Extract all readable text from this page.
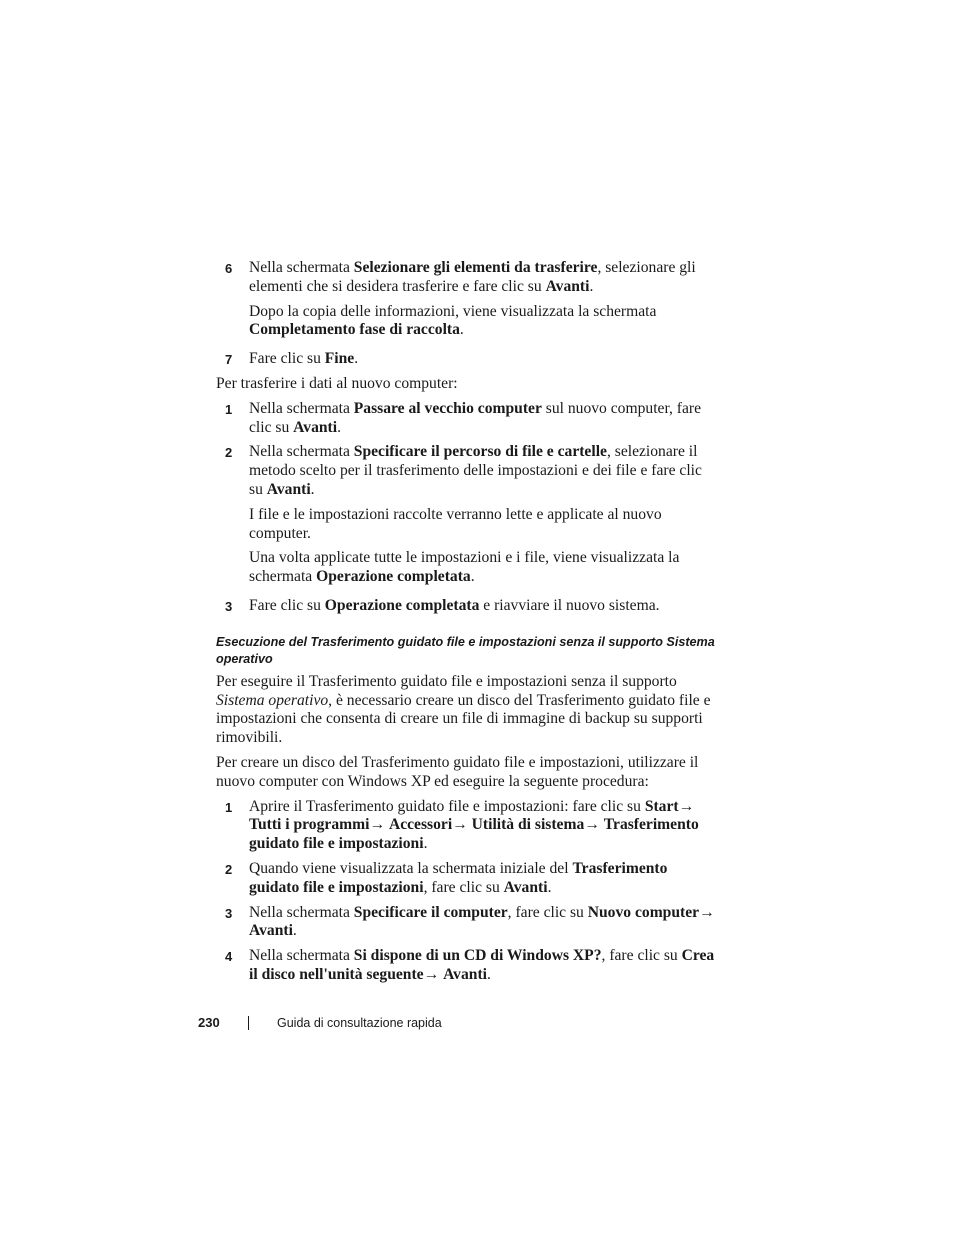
6 Nella schermata Selezionare gli elementi da trasferire, selezionare gli elementi che si desidera trasferire e fare clic su Avanti.
Dopo la copia delle informazioni, viene visualizzata la schermata Completamento fase di raccolta.
7 Fare clic su Fine.

Per trasferire i dati al nuovo computer:

1 Nella schermata Passare al vecchio computer sul nuovo computer, fare clic su Avanti.
2 Nella schermata Specificare il percorso di file e cartelle, selezionare il metodo scelto per il trasferimento delle impostazioni e dei file e fare clic su Avanti.
I file e le impostazioni raccolte verranno lette e applicate al nuovo computer.
Una volta applicate tutte le impostazioni e i file, viene visualizzata la schermata Operazione completata.
3 Fare clic su Operazione completata e riavviare il nuovo sistema.
Esecuzione del Trasferimento guidato file e impostazioni senza il supporto Sistema operativo

Per eseguire il Trasferimento guidato file e impostazioni senza il supporto Sistema operativo, è necessario creare un disco del Trasferimento guidato file e impostazioni che consenta di creare un file di immagine di backup su supporti rimovibili.

Per creare un disco del Trasferimento guidato file e impostazioni, utilizzare il nuovo computer con Windows XP ed eseguire la seguente procedura:

1 Aprire il Trasferimento guidato file e impostazioni: fare clic su Start→ Tutti i programmi→ Accessori→ Utilità di sistema→ Trasferimento guidato file e impostazioni.
2 Quando viene visualizzata la schermata iniziale del Trasferimento guidato file e impostazioni, fare clic su Avanti.
3 Nella schermata Specificare il computer, fare clic su Nuovo computer→ Avanti.
4 Nella schermata Si dispone di un CD di Windows XP?, fare clic su Crea il disco nell'unità seguente→ Avanti.
230	Guida di consultazione rapida
